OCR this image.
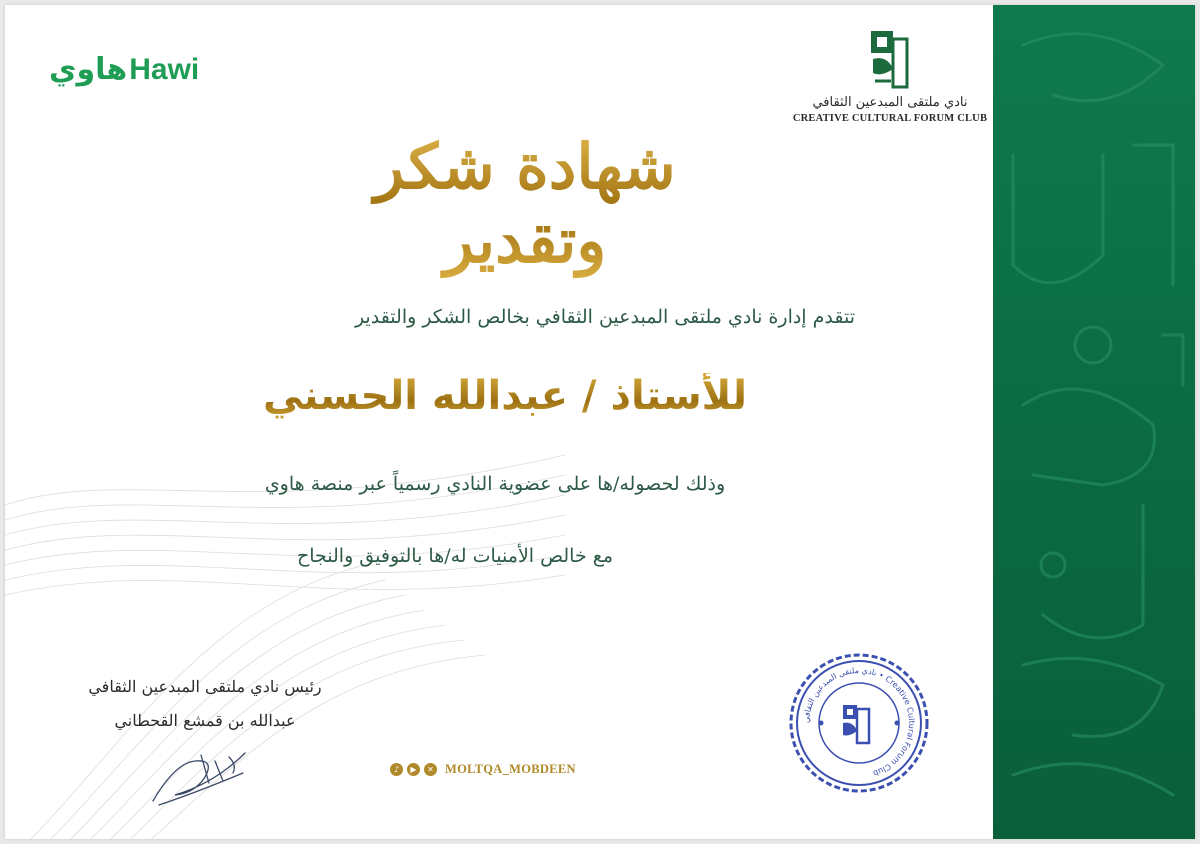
هاوي Hawi
نادي ملتقى المبدعين الثقافي
CREATIVE CULTURAL FORUM CLUB
شهادة شكر وتقدير
تتقدم إدارة نادي ملتقى المبدعين الثقافي بخالص الشكر والتقدير
للأستاذ / عبدالله الحسني
وذلك لحصوله/ها على عضوية النادي رسمياً عبر منصة هاوي
مع خالص الأمنيات له/ها بالتوفيق والنجاح
رئيس نادي ملتقى المبدعين الثقافي
عبدالله بن قمشع القحطاني
♪	▶	✕ MOLTQA_MOBDEEN
نادي ملتقى المبدعين الثقافي • Creative Cultural Forum Club
